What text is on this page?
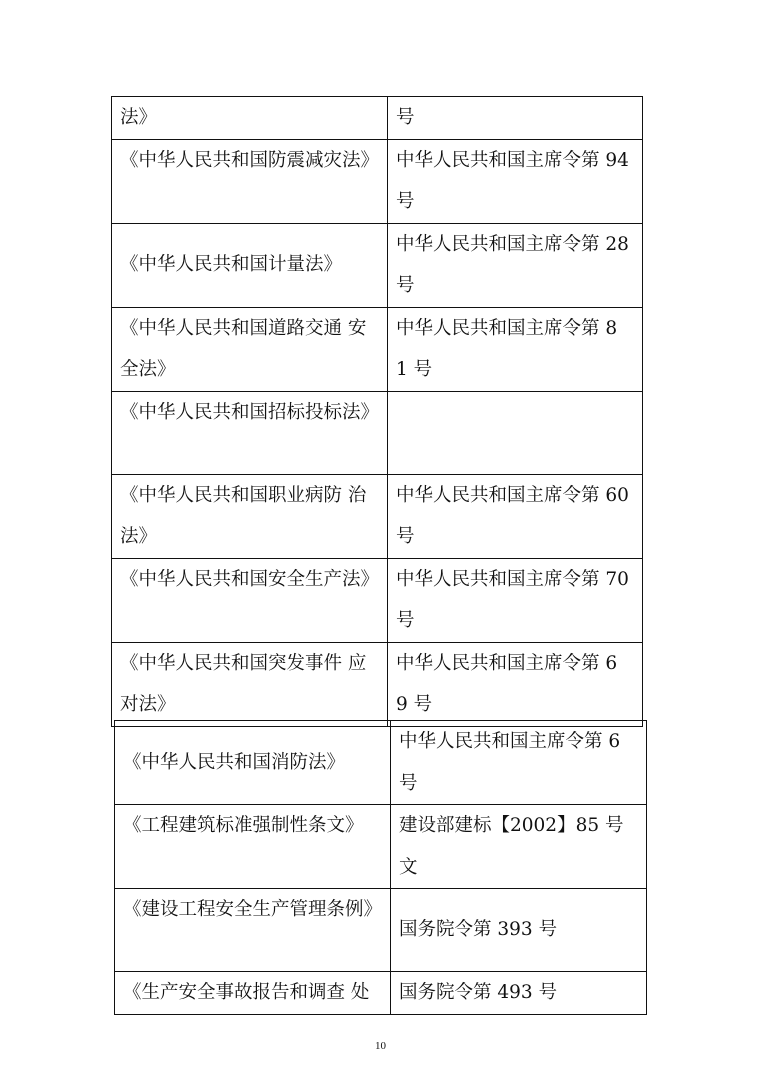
法》	号
《中华人民共和国防震减灾法》	中华人民共和国主席令第 94 号
《中华人民共和国计量法》	中华人民共和国主席令第 28 号
《中华人民共和国道路交通 安全法》	中华人民共和国主席令第 8 1 号
《中华人民共和国招标投标法》	
《中华人民共和国职业病防 治法》	中华人民共和国主席令第 60 号
《中华人民共和国安全生产法》	中华人民共和国主席令第 70 号
《中华人民共和国突发事件 应对法》	中华人民共和国主席令第 6 9 号
《中华人民共和国消防法》	中华人民共和国主席令第 6 号
《工程建筑标准强制性条文》	建设部建标【2002】85 号文
《建设工程安全生产管理条例》	国务院令第 393 号
《生产安全事故报告和调查 处	国务院令第 493 号
10
